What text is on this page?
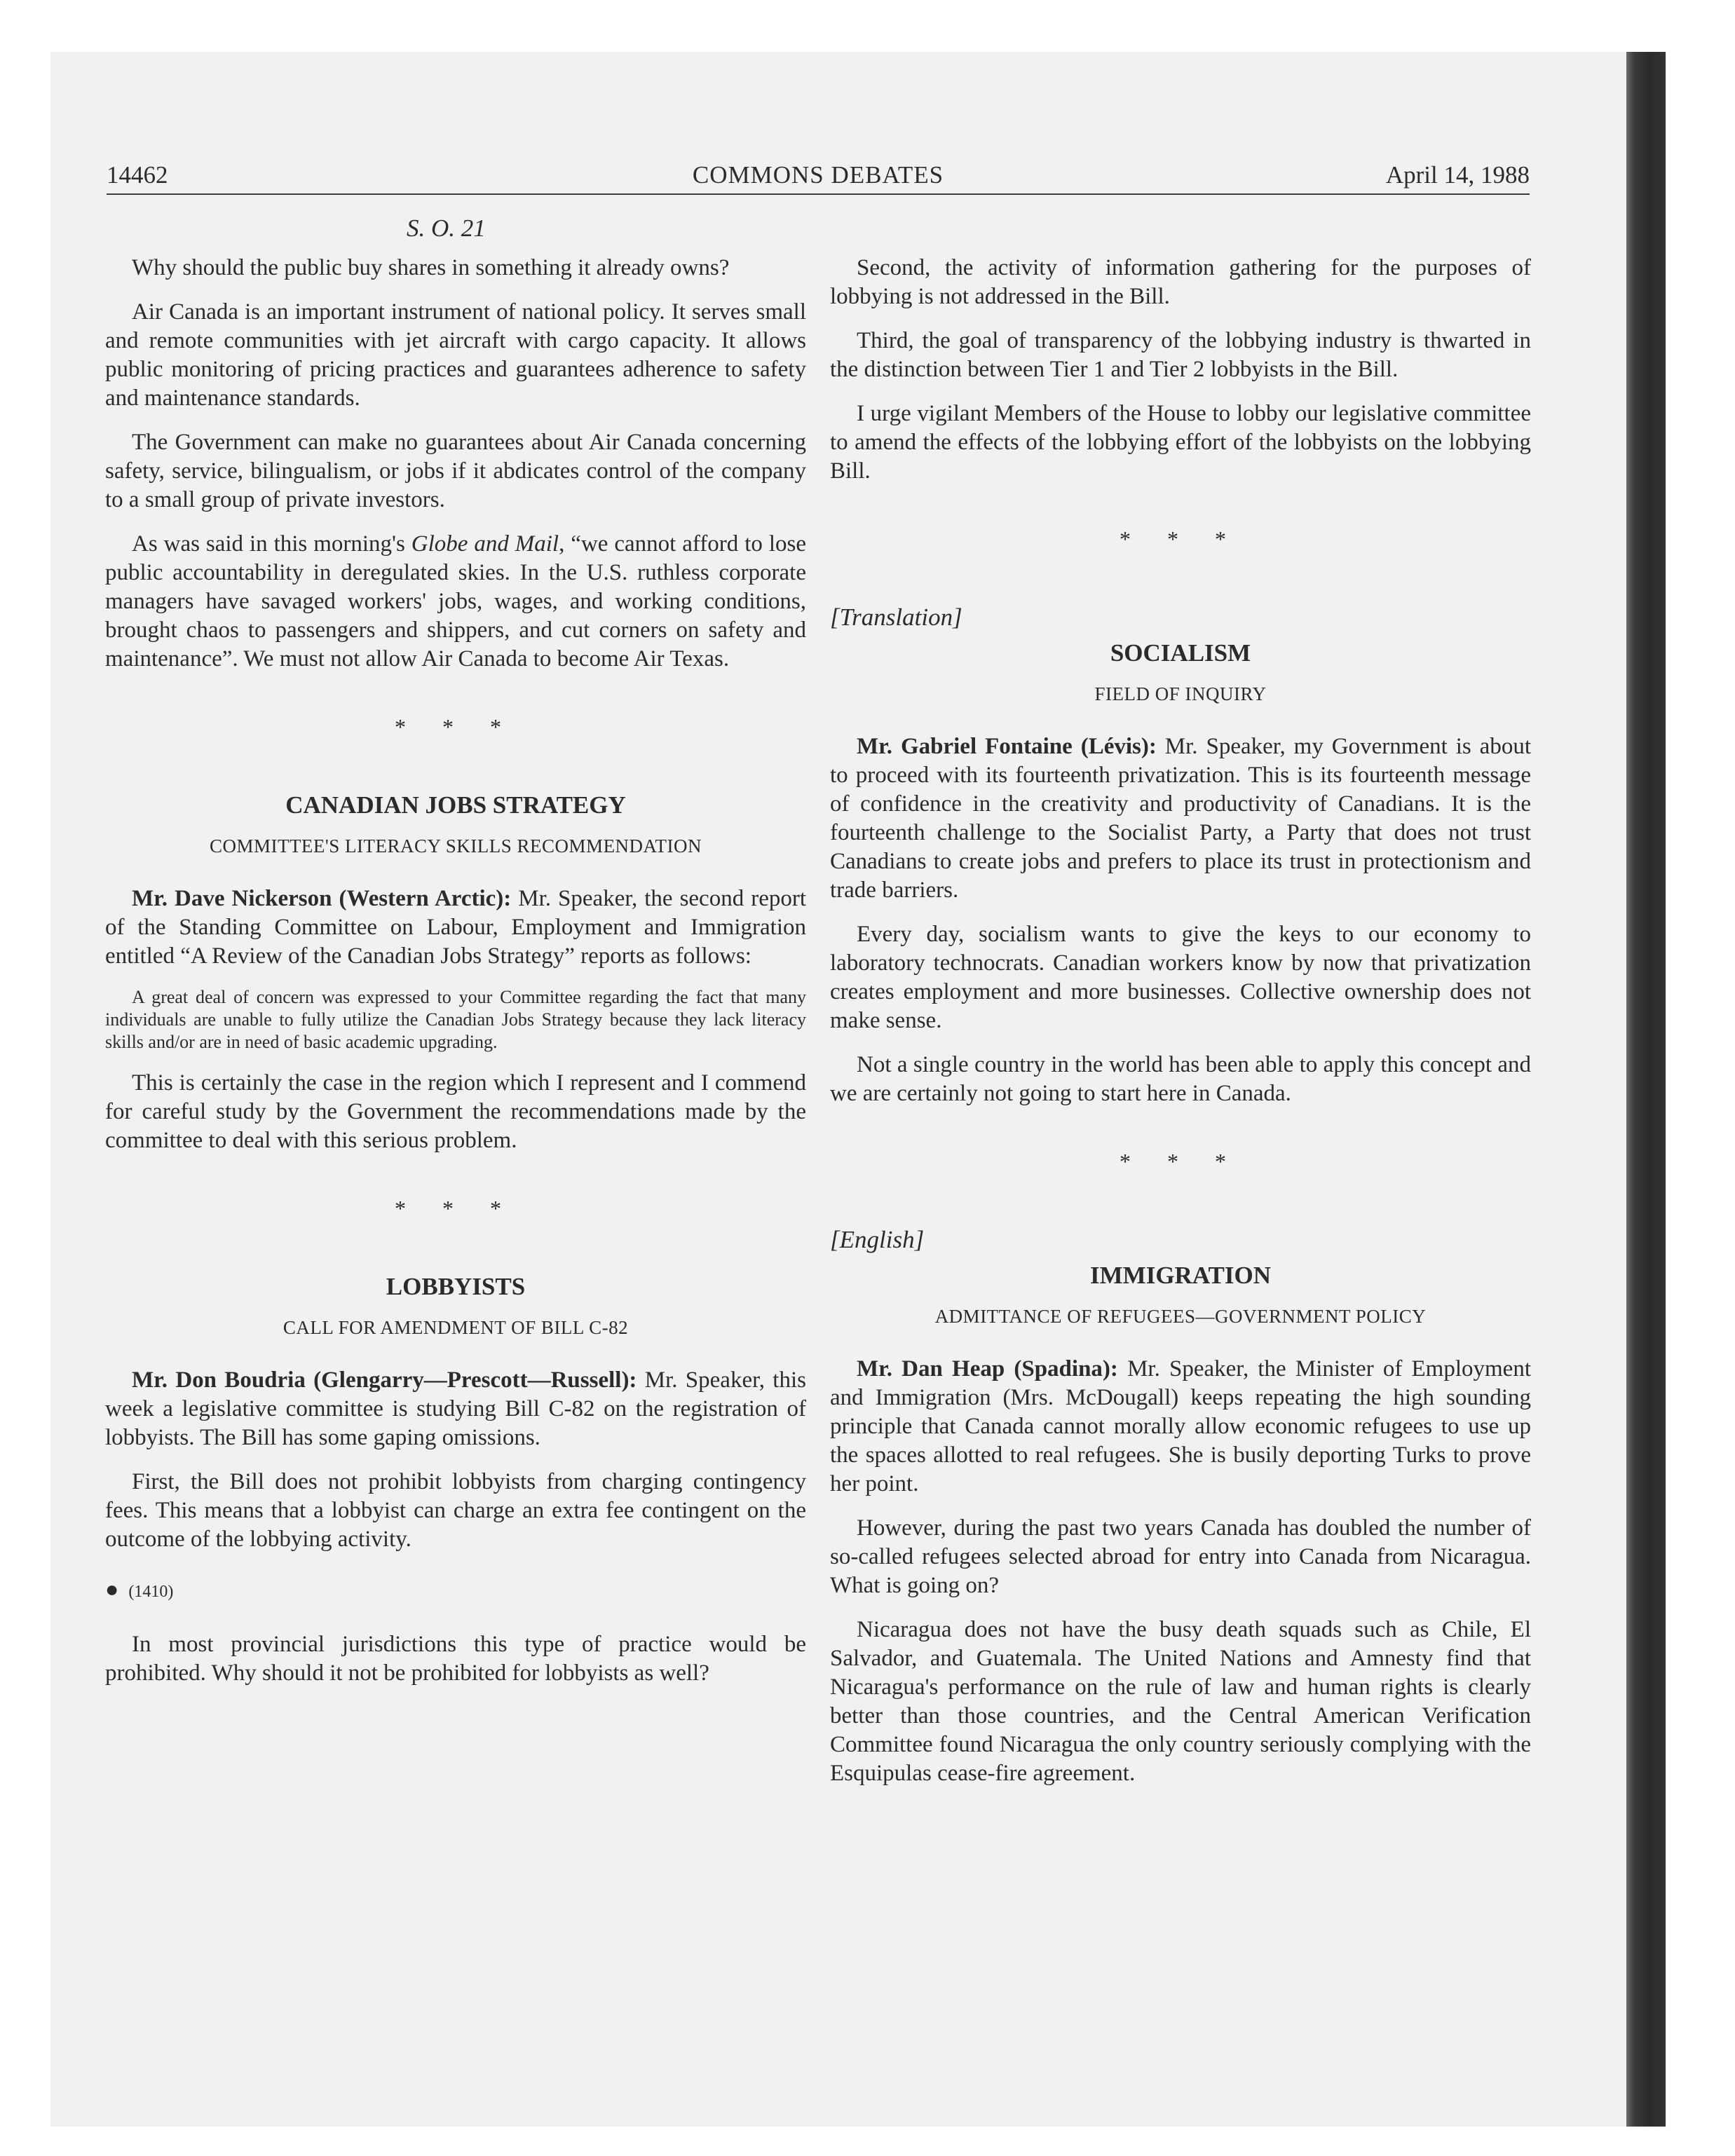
14462	COMMONS DEBATES	April 14, 1988
S. O. 21

Why should the public buy shares in something it already owns?

Air Canada is an important instrument of national policy. It serves small and remote communities with jet aircraft with cargo capacity. It allows public monitoring of pricing practices and guarantees adherence to safety and maintenance standards.

The Government can make no guarantees about Air Canada concerning safety, service, bilingualism, or jobs if it abdicates control of the company to a small group of private investors.

As was said in this morning's Globe and Mail, “we cannot afford to lose public accountability in deregulated skies. In the U.S. ruthless corporate managers have savaged workers' jobs, wages, and working conditions, brought chaos to passengers and shippers, and cut corners on safety and maintenance”. We must not allow Air Canada to become Air Texas.

* * *
CANADIAN JOBS STRATEGY
COMMITTEE'S LITERACY SKILLS RECOMMENDATION

Mr. Dave Nickerson (Western Arctic): Mr. Speaker, the second report of the Standing Committee on Labour, Employment and Immigration entitled “A Review of the Canadian Jobs Strategy” reports as follows:

A great deal of concern was expressed to your Committee regarding the fact that many individuals are unable to fully utilize the Canadian Jobs Strategy because they lack literacy skills and/or are in need of basic academic upgrading.

This is certainly the case in the region which I represent and I commend for careful study by the Government the recommendations made by the committee to deal with this serious problem.

* * *
LOBBYISTS
CALL FOR AMENDMENT OF BILL C-82

Mr. Don Boudria (Glengarry—Prescott—Russell): Mr. Speaker, this week a legislative committee is studying Bill C-82 on the registration of lobbyists. The Bill has some gaping omissions.

First, the Bill does not prohibit lobbyists from charging contingency fees. This means that a lobbyist can charge an extra fee contingent on the outcome of the lobbying activity.

● (1410)

In most provincial jurisdictions this type of practice would be prohibited. Why should it not be prohibited for lobbyists as well?

Second, the activity of information gathering for the purposes of lobbying is not addressed in the Bill.

Third, the goal of transparency of the lobbying industry is thwarted in the distinction between Tier 1 and Tier 2 lobbyists in the Bill.

I urge vigilant Members of the House to lobby our legislative committee to amend the effects of the lobbying effort of the lobbyists on the lobbying Bill.

* * *
[Translation]
SOCIALISM
FIELD OF INQUIRY

Mr. Gabriel Fontaine (Lévis): Mr. Speaker, my Government is about to proceed with its fourteenth privatization. This is its fourteenth message of confidence in the creativity and productivity of Canadians. It is the fourteenth challenge to the Socialist Party, a Party that does not trust Canadians to create jobs and prefers to place its trust in protectionism and trade barriers.

Every day, socialism wants to give the keys to our economy to laboratory technocrats. Canadian workers know by now that privatization creates employment and more businesses. Collective ownership does not make sense.

Not a single country in the world has been able to apply this concept and we are certainly not going to start here in Canada.

* * *
[English]
IMMIGRATION
ADMITTANCE OF REFUGEES—GOVERNMENT POLICY

Mr. Dan Heap (Spadina): Mr. Speaker, the Minister of Employment and Immigration (Mrs. McDougall) keeps repeating the high sounding principle that Canada cannot morally allow economic refugees to use up the spaces allotted to real refugees. She is busily deporting Turks to prove her point.

However, during the past two years Canada has doubled the number of so-called refugees selected abroad for entry into Canada from Nicaragua. What is going on?

Nicaragua does not have the busy death squads such as Chile, El Salvador, and Guatemala. The United Nations and Amnesty find that Nicaragua's performance on the rule of law and human rights is clearly better than those countries, and the Central American Verification Committee found Nicaragua the only country seriously complying with the Esquipulas cease-fire agreement.
